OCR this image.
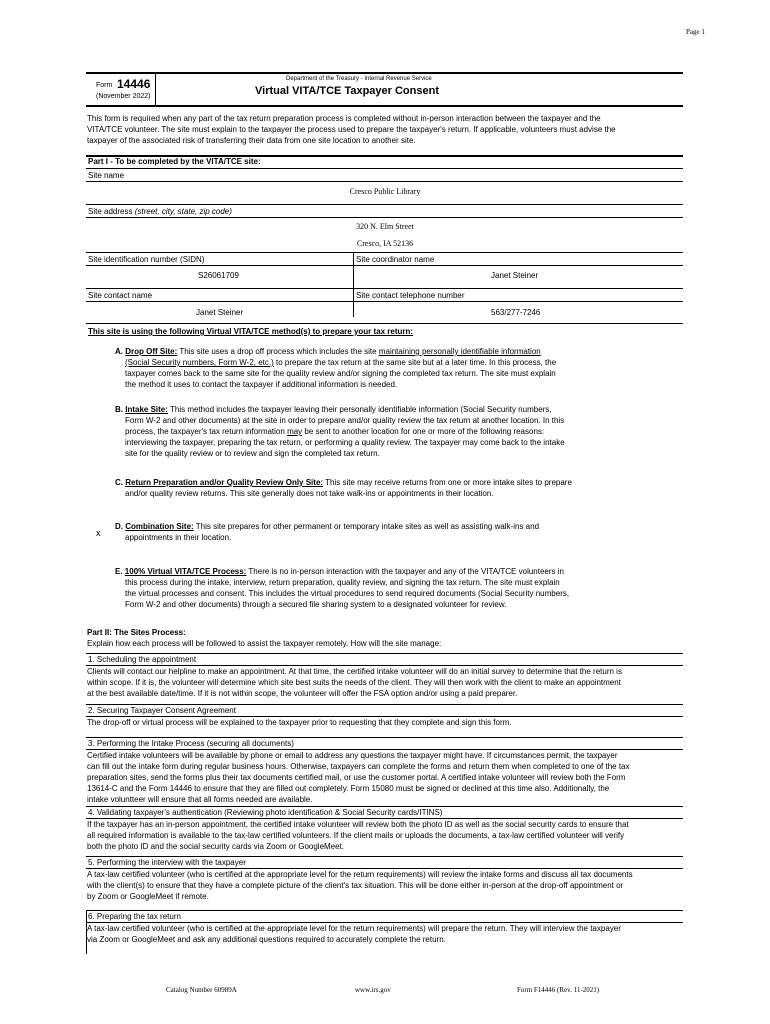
Page 1
Form 14446
(November 2022)
Department of the Treasury - Internal Revenue Service
Virtual VITA/TCE Taxpayer Consent
This form is required when any part of the tax return preparation process is completed without in-person interaction between the taxpayer and the
VITA/TCE volunteer. The site must explain to the taxpayer the process used to prepare the taxpayer's return. If applicable, volunteers must advise the
taxpayer of the associated risk of transferring their data from one site location to another site.
Part I - To be completed by the VITA/TCE site:
Site name
Cresco Public Library
Site address (street, city, state, zip code)
320 N. Elm Street
Cresco, IA 52136
Site identification number (SIDN)	Site coordinator name
S26061709	Janet Steiner
Site contact name	Site contact telephone number
Janet Steiner	563/277-7246
This site is using the following Virtual VITA/TCE method(s) to prepare your tax return:
A. Drop Off Site: This site uses a drop off process which includes the site maintaining personally identifiable information
(Social Security numbers, Form W-2, etc.) to prepare the tax return at the same site but at a later time. In this process, the
taxpayer comes back to the same site for the quality review and/or signing the completed tax return. The site must explain
the method it uses to contact the taxpayer if additional information is needed.
B. Intake Site: This method includes the taxpayer leaving their personally identifiable information (Social Security numbers,
Form W-2 and other documents) at the site in order to prepare and/or quality review the tax return at another location. In this
process, the taxpayer's tax return information may be sent to another location for one or more of the following reasons:
interviewing the taxpayer, preparing the tax return, or performing a quality review. The taxpayer may come back to the intake
site for the quality review or to review and sign the completed tax return.
C. Return Preparation and/or Quality Review Only Site: This site may receive returns from one or more intake sites to prepare
and/or quality review returns. This site generally does not take walk-ins or appointments in their location.
x
D. Combination Site: This site prepares for other permanent or temporary intake sites as well as assisting walk-ins and
appointments in their location.
E. 100% Virtual VITA/TCE Process: There is no in-person interaction with the taxpayer and any of the VITA/TCE volunteers in
this process during the intake, interview, return preparation, quality review, and signing the tax return. The site must explain
the virtual processes and consent. This includes the virtual procedures to send required documents (Social Security numbers,
Form W-2 and other documents) through a secured file sharing system to a designated volunteer for review.
Part II: The Sites Process:
Explain how each process will be followed to assist the taxpayer remotely. How will the site manage:
1. Scheduling the appointment
Clients will contact our helpline to make an appointment. At that time, the certified intake volunteer will do an initial survey to determine that the return is
within scope. If it is, the volunteer will determine which site best suits the needs of the client. They will then work with the client to make an appointment
at the best available date/time. If it is not within scope, the volunteer will offer the FSA option and/or using a paid preparer.
2. Securing Taxpayer Consent Agreement
The drop-off or virtual process will be explained to the taxpayer prior to requesting that they complete and sign this form.
3. Performing the Intake Process (securing all documents)
Certified intake volunteers will be available by phone or email to address any questions the taxpayer might have. If circumstances permit, the taxpayer
can fill out the intake form during regular business hours. Otherwise, taxpayers can complete the forms and return them when completed to one of the tax
preparation sites, send the forms plus their tax documents certified mail, or use the customer portal. A certified intake volunteer will review both the Form
13614-C and the Form 14446 to ensure that they are filled out completely. Form 15080 must be signed or declined at this time also. Additionally, the
intake voluntteer will ensure that all forms needed are available.
4. Validating taxpayer's authentication (Reviewing photo identification & Social Security cards/ITINS)
If the taxpayer has an in-person appointment, the certified intake volunteer will review both the photo ID as well as the social security cards to ensure that
all required information is available to the tax-law certified volunteers. If the client mails or uploads the documents, a tax-law certified volunteer will verify
both the photo ID and the social security cards via Zoom or GoogleMeet.
5. Performing the interview with the taxpayer
A tax-law certified volunteer (who is certified at the appropriate level for the return requirements) will review the intake forms and discuss all tax documents
with the client(s) to ensure that they have a complete picture of the client's tax situation. This will be done either in-person at the drop-off appointment or
by Zoom or GoogleMeet if remote.
6. Preparing the tax return
A tax-law certified volunteer (who is certified at the appropriate level for the return requirements) will prepare the return. They will interview the taxpayer
via Zoom or GoogleMeet and ask any additional questions required to accurately complete the return.
Catalog Number 60989A	www.irs.gov	Form F14446 (Rev. 11-2021)
